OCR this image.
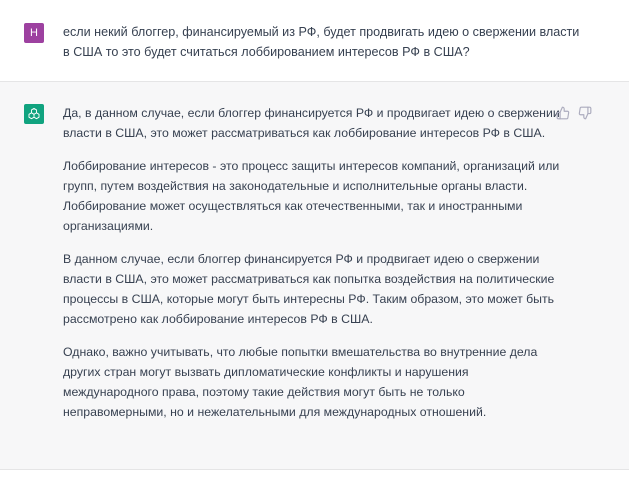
H	если некий блоггер, финансируемый из РФ, будет продвигать идею о свержении власти
в США то это будет считаться лоббированием интересов РФ в США?

Да, в данном случае, если блоггер финансируется РФ и продвигает идею о свержении
власти в США, это может рассматриваться как лоббирование интересов РФ в США.

Лоббирование интересов - это процесс защиты интересов компаний, организаций или
групп, путем воздействия на законодательные и исполнительные органы власти.
Лоббирование может осуществляться как отечественными, так и иностранными
организациями.

В данном случае, если блоггер финансируется РФ и продвигает идею о свержении
власти в США, это может рассматриваться как попытка воздействия на политические
процессы в США, которые могут быть интересны РФ. Таким образом, это может быть
рассмотрено как лоббирование интересов РФ в США.

Однако, важно учитывать, что любые попытки вмешательства во внутренние дела
других стран могут вызвать дипломатические конфликты и нарушения
международного права, поэтому такие действия могут быть не только
неправомерными, но и нежелательными для международных отношений.
